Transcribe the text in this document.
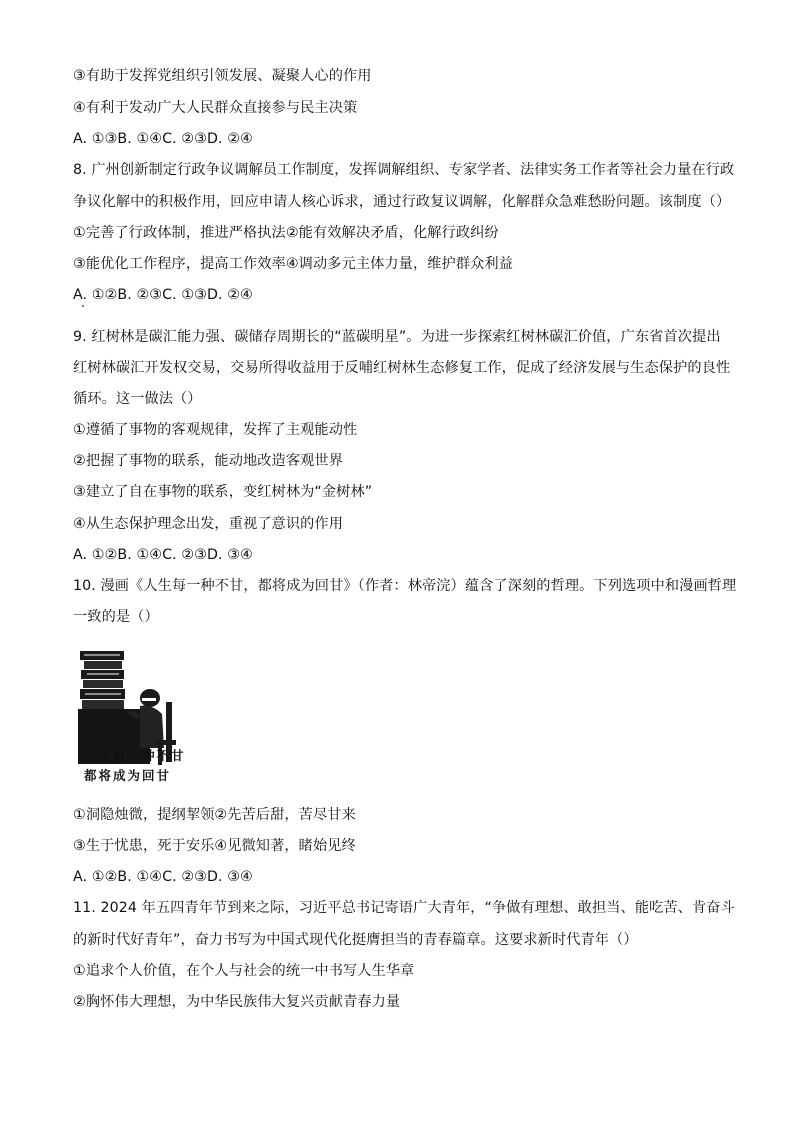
③有助于发挥党组织引领发展、凝聚人心的作用
④有利于发动广大人民群众直接参与民主决策
A. ①③B. ①④C. ②③D. ②④
8. 广州创新制定行政争议调解员工作制度，发挥调解组织、专家学者、法律实务工作者等社会力量在行政
争议化解中的积极作用，回应申请人核心诉求，通过行政复议调解，化解群众急难愁盼问题。该制度（）
①完善了行政体制，推进严格执法②能有效解决矛盾，化解行政纠纷
③能优化工作程序，提高工作效率④调动多元主体力量，维护群众利益
A. ①②B. ②③C. ①③D. ②④
9. 红树林是碳汇能力强、碳储存周期长的“蓝碳明星”。为进一步探索红树林碳汇价值，广东省首次提出
红树林碳汇开发权交易，交易所得收益用于反哺红树林生态修复工作，促成了经济发展与生态保护的良性
循环。这一做法（）
①遵循了事物的客观规律，发挥了主观能动性
②把握了事物的联系，能动地改造客观世界
③建立了自在事物的联系，变红树林为“金树林”
④从生态保护理念出发，重视了意识的作用
A. ①②B. ①④C. ②③D. ③④
10. 漫画《人生每一种不甘，都将成为回甘》（作者：林帝浣）蕴含了深刻的哲理。下列选项中和漫画哲理
一致的是（）
人生每一种不甘
都将成为回甘
①洞隐烛微，提纲挈领②先苦后甜，苦尽甘来
③生于忧患，死于安乐④见微知著，睹始见终
A. ①②B. ①④C. ②③D. ③④
11. 2024 年五四青年节到来之际，习近平总书记寄语广大青年，“争做有理想、敢担当、能吃苦、肯奋斗
的新时代好青年”，奋力书写为中国式现代化挺膺担当的青春篇章。这要求新时代青年（）
①追求个人价值，在个人与社会的统一中书写人生华章
②胸怀伟大理想，为中华民族伟大复兴贡献青春力量
